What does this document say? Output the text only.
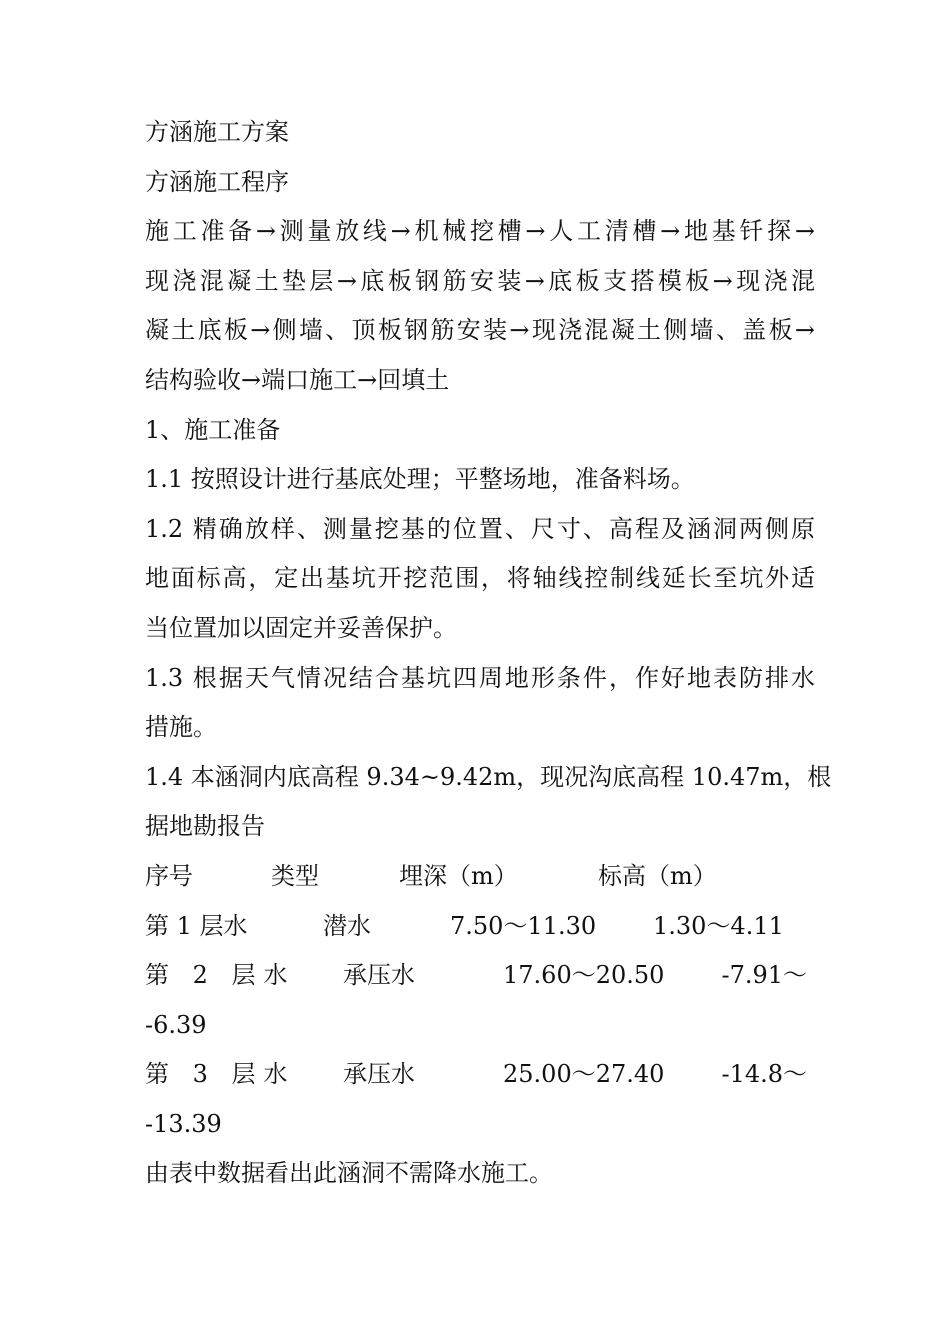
方涵施工方案

方涵施工程序

施工准备→测量放线→机械挖槽→人工清槽→地基钎探→

现浇混凝土垫层→底板钢筋安装→底板支搭模板→现浇混

凝土底板→侧墙、顶板钢筋安装→现浇混凝土侧墙、盖板→

结构验收→端口施工→回填土

1、施工准备

1.1 按照设计进行基底处理；平整场地，准备料场。

1.2 精确放样、测量挖基的位置、尺寸、高程及涵洞两侧原

地面标高，定出基坑开挖范围，将轴线控制线延长至坑外适

当位置加以固定并妥善保护。

1.3 根据天气情况结合基坑四周地形条件，作好地表防排水

措施。

1.4 本涵洞内底高程 9.34~9.42m，现况沟底高程 10.47m，根

据地勘报告

序号	类型	埋深（m）	标高（m）
第 1 层水	潜水	7.50～11.30 1.30～4.11
第 2 层水 承压水	17.60～20.50 -7.91～

-6.39

第 3 层水 承压水	25.00～27.40 -14.8～

-13.39

由表中数据看出此涵洞不需降水施工。
